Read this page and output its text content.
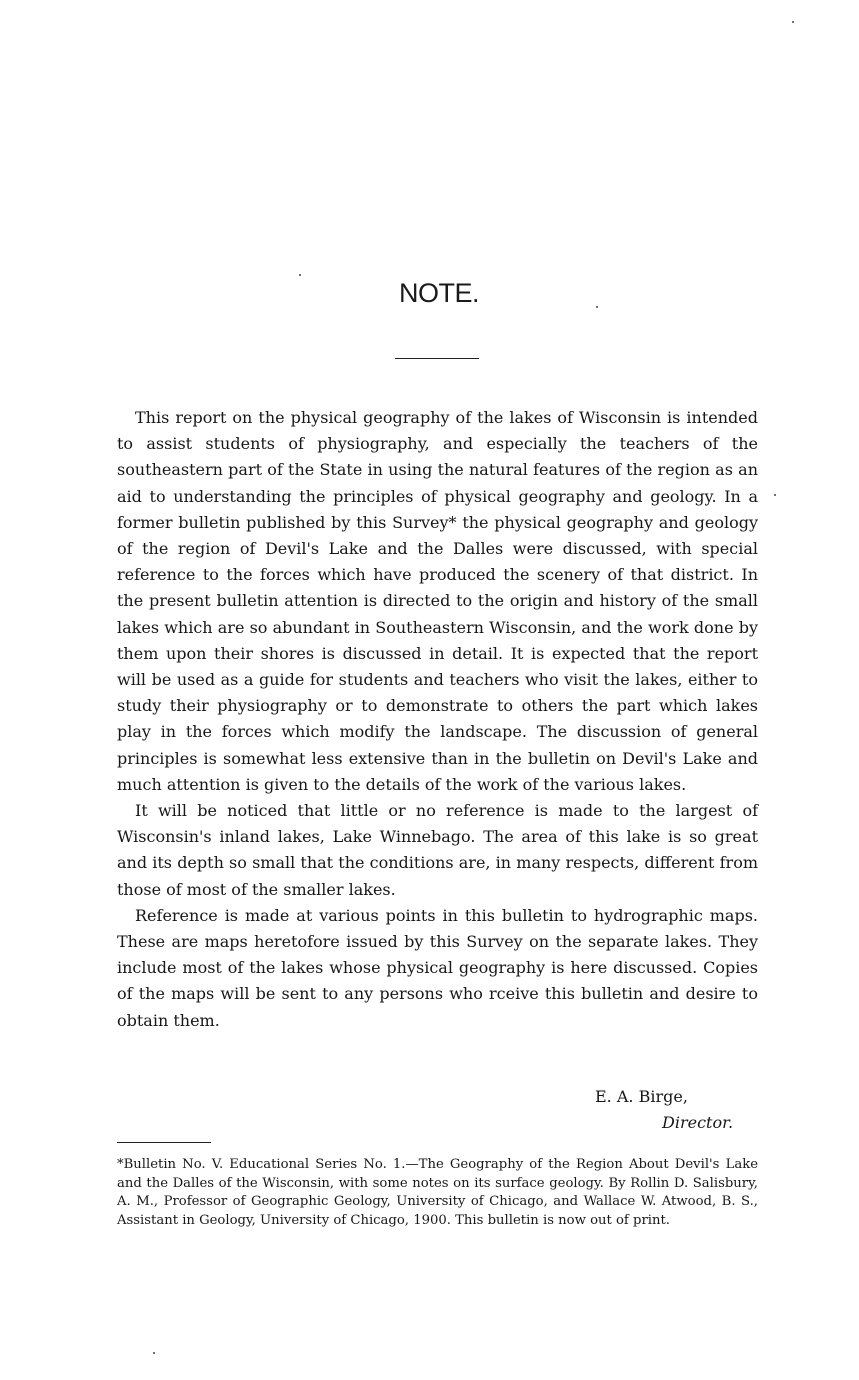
NOTE.

This report on the physical geography of the lakes of Wisconsin is intended to assist students of physiography, and especially the teachers of the southeastern part of the State in using the natural features of the region as an aid to understanding the principles of physical geography and geology. In a former bulletin published by this Survey* the physical geography and geology of the region of Devil's Lake and the Dalles were discussed, with special reference to the forces which have produced the scenery of that district. In the present bulletin attention is directed to the origin and history of the small lakes which are so abundant in Southeastern Wisconsin, and the work done by them upon their shores is discussed in detail. It is expected that the report will be used as a guide for students and teachers who visit the lakes, either to study their physiography or to demonstrate to others the part which lakes play in the forces which modify the landscape. The discussion of general principles is somewhat less extensive than in the bulletin on Devil's Lake and much attention is given to the details of the work of the various lakes.

It will be noticed that little or no reference is made to the largest of Wisconsin's inland lakes, Lake Winnebago. The area of this lake is so great and its depth so small that the conditions are, in many respects, different from those of most of the smaller lakes.

Reference is made at various points in this bulletin to hydrographic maps. These are maps heretofore issued by this Survey on the separate lakes. They include most of the lakes whose physical geography is here discussed. Copies of the maps will be sent to any persons who rceive this bulletin and desire to obtain them.

E. A. Birge,
Director.
*Bulletin No. V. Educational Series No. 1.—The Geography of the Region About Devil's Lake and the Dalles of the Wisconsin, with some notes on its surface geology. By Rollin D. Salisbury, A. M., Professor of Geographic Geology, University of Chicago, and Wallace W. Atwood, B. S., Assistant in Geology, University of Chicago, 1900. This bulletin is now out of print.
